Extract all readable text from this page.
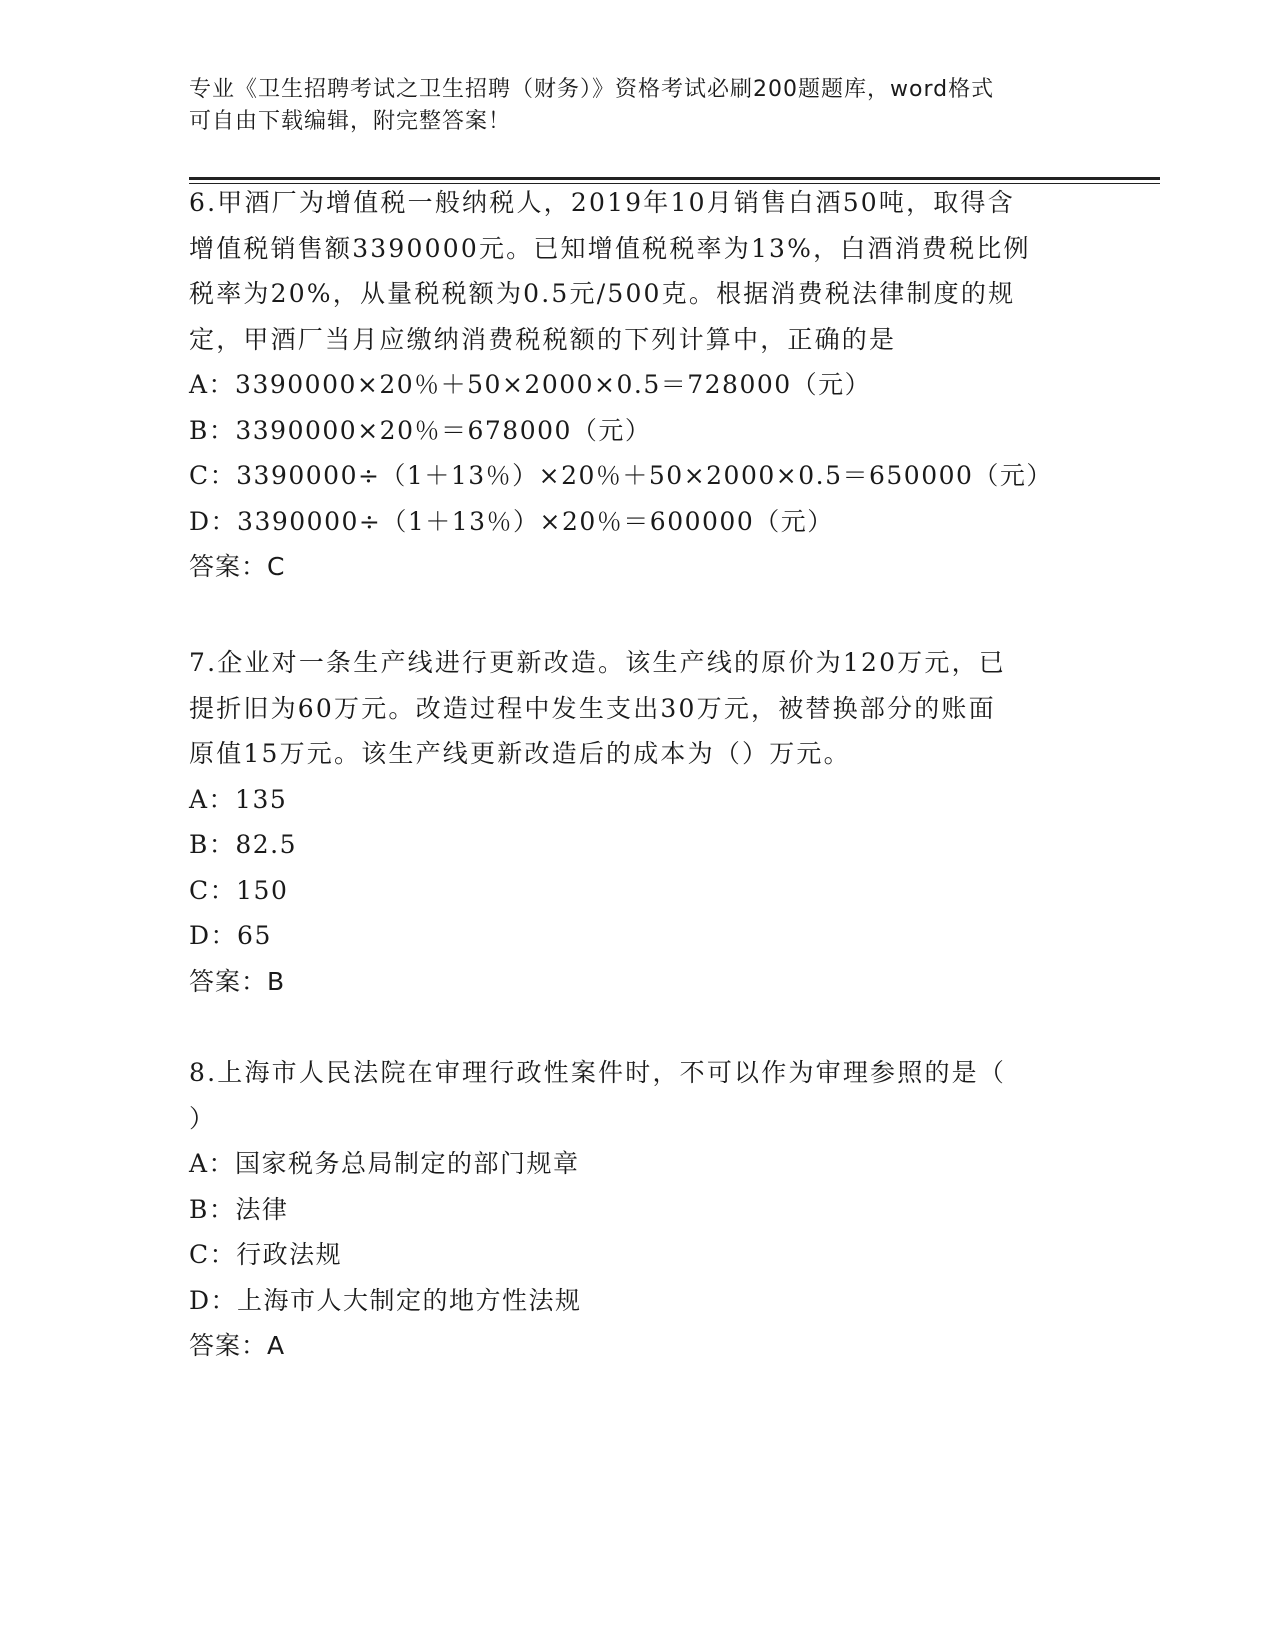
专业《卫生招聘考试之卫生招聘（财务）》资格考试必刷200题题库，word格式
可自由下载编辑，附完整答案！
6.甲酒厂为增值税一般纳税人，2019年10月销售白酒50吨，取得含
增值税销售额3390000元。已知增值税税率为13%，白酒消费税比例
税率为20%，从量税税额为0.5元/500克。根据消费税法律制度的规
定，甲酒厂当月应缴纳消费税税额的下列计算中，正确的是
A：3390000×20％＋50×2000×0.5＝728000（元）
B：3390000×20％＝678000（元）
C：3390000÷（1＋13％）×20％＋50×2000×0.5＝650000（元）
D：3390000÷（1＋13％）×20％＝600000（元）
答案：C
7.企业对一条生产线进行更新改造。该生产线的原价为120万元，已
提折旧为60万元。改造过程中发生支出30万元，被替换部分的账面
原值15万元。该生产线更新改造后的成本为（）万元。
A：135
B：82.5
C：150
D：65
答案：B
8.上海市人民法院在审理行政性案件时，不可以作为审理参照的是（
）
A：国家税务总局制定的部门规章
B：法律
C：行政法规
D：上海市人大制定的地方性法规
答案：A
